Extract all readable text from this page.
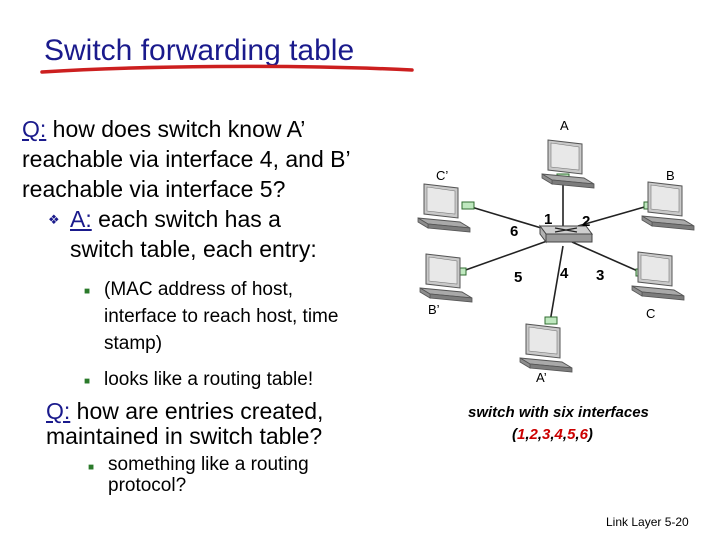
Switch forwarding table
Q: how does switch know A’
reachable via interface 4, and B’
reachable via interface 5?
❖ A: each switch has a
switch table, each entry:
■ (MAC address of host,
interface to reach host, time
stamp)
■ looks like a routing table!
Q: how are entries created,
maintained in switch table?
■ something like a routing
protocol?
A
B
C
A’
B’
C’
1 2
3
4
5
6
switch with six interfaces
(1,2,3,4,5,6)
Link Layer 5-20
